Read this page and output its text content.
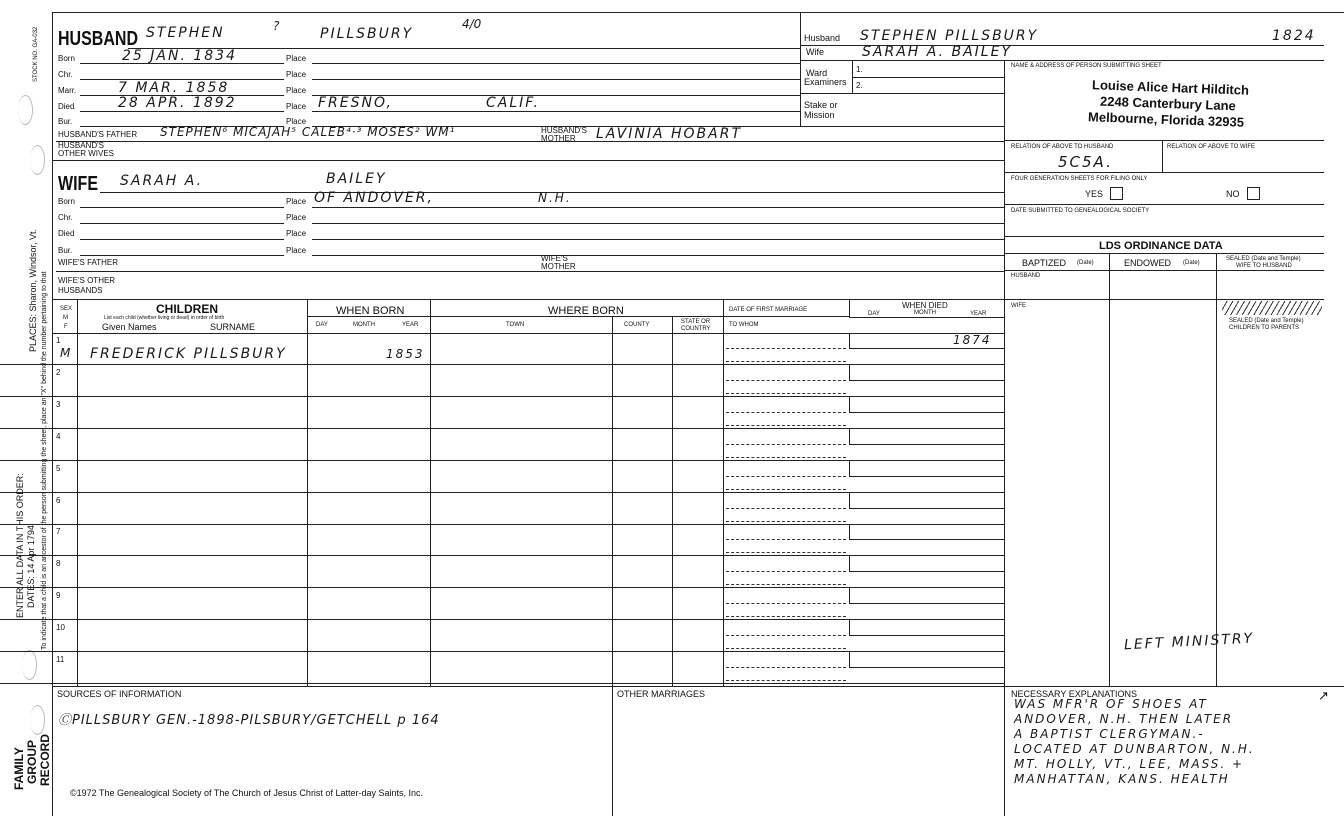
STOCK NO. GA-032
PLACES: Sharon, Windsor, Vt.
ENTER ALL DATA IN THIS ORDER: DATES: 14 Apr 1794 To indicate that a child is an ancestor of the person submitting the sheet, place an "X" behind the number pertaining to that
FAMILY GROUP RECORD
HUSBAND STEPHEN	?	PILLSBURY
4/0
Born	25 JAN. 1834	Place
Chr.	Place
Marr.	7 MAR. 1858	Place
Died	28 APR. 1892	Place FRESNO,	CALIF.
Bur.	Place
HUSBAND'S FATHER STEPHEN⁶ MICAJAH⁵ CALEB⁴·³ MOSES² WM¹	HUSBAND'S
MOTHER LAVINIA HOBART
HUSBAND'S
OTHER WIVES
WIFE SARAH A.	BAILEY
Born	Place OF ANDOVER,	N.H.
Chr.	Place
Died	Place
Bur.	Place
WIFE'S FATHER	WIFE'S
MOTHER
WIFE'S OTHER
HUSBANDS
Husband STEPHEN PILLSBURY	1824
Wife	SARAH A. BAILEY
Ward	1.
Examiners 2.
Stake or
Mission
NAME & ADDRESS OF PERSON SUBMITTING SHEET
Louise Alice Hart Hilditch
2248 Canterbury Lane
Melbourne, Florida 32935
RELATION OF ABOVE TO HUSBAND
5C5A.
RELATION OF ABOVE TO WIFE
FOUR GENERATION SHEETS FOR FILING ONLY
YES	NO
DATE SUBMITTED TO GENEALOGICAL SOCIETY
LDS ORDINANCE DATA
BAPTIZED (Date)	ENDOWED (Date)
SEALED (Date and Temple)
WIFE TO HUSBAND
HUSBAND
WIFE
SEALED (Date and Temple)
CHILDREN TO PARENTS
LEFT MINISTRY
SEX
M
F
CHILDREN
List each child (whether living or dead) in order of birth
Given Names	SURNAME
WHEN BORN
DAY	MONTH	YEAR
WHERE BORN
TOWN	COUNTY	STATE OR
COUNTRY
DATE OF FIRST MARRIAGE
TO WHOM
WHEN DIED
DAY	MONTH	YEAR
1
M FREDERICK PILLSBURY	1853
1874
2
3
4
5
6
7
8
9
10
11
SOURCES OF INFORMATION
ⒸPILLSBURY GEN.-1898-PILSBURY/GETCHELL p 164
OTHER MARRIAGES	NECESSARY EXPLANATIONS	↗
WAS MFR'R OF SHOES AT
ANDOVER, N.H. THEN LATER
A BAPTIST CLERGYMAN.-
LOCATED AT DUNBARTON, N.H.
MT. HOLLY, VT., LEE, MASS. +
MANHATTAN, KANS. HEALTH
©1972 The Genealogical Society of The Church of Jesus Christ of Latter-day Saints, Inc.
